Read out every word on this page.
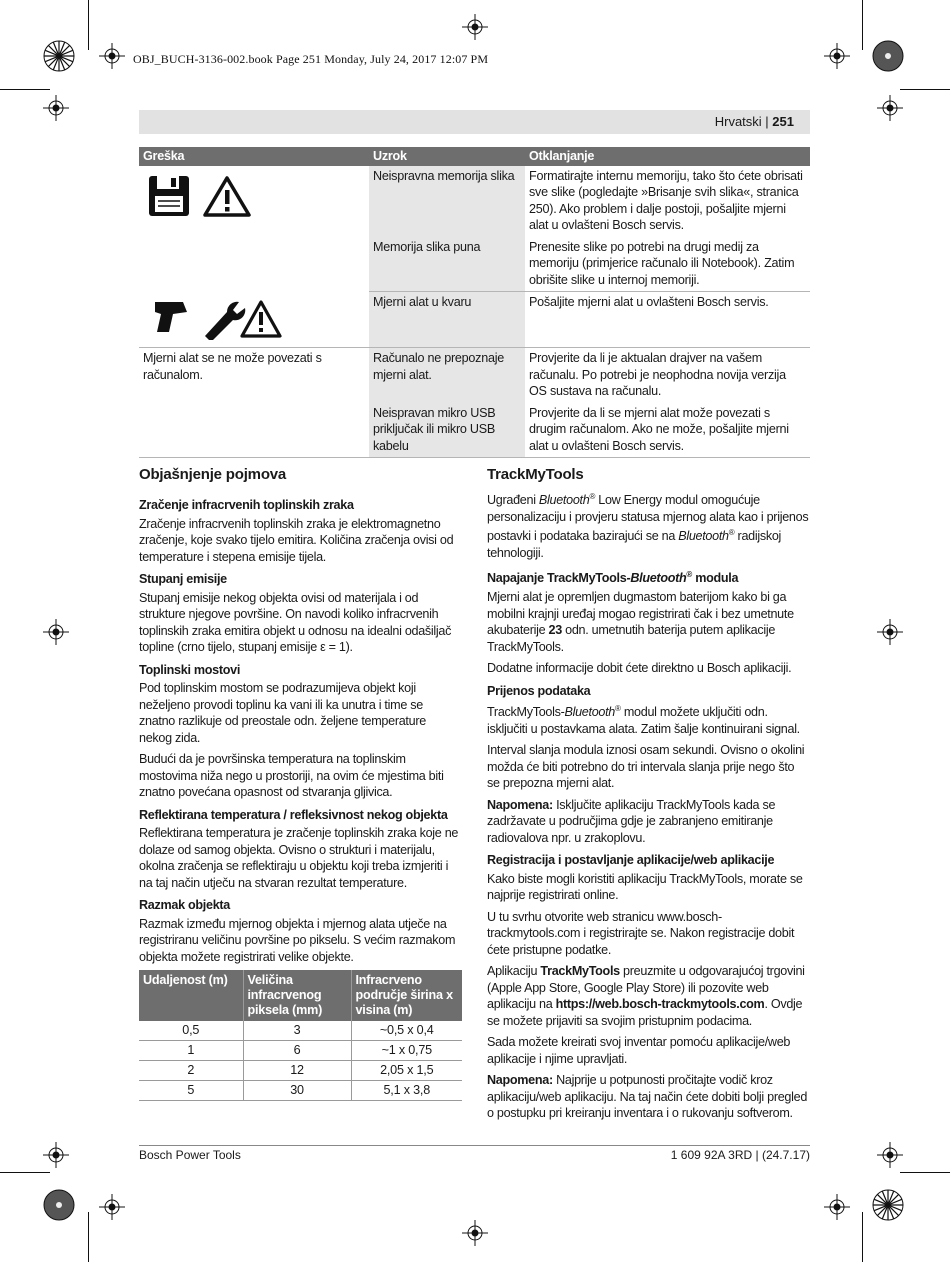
OBJ_BUCH-3136-002.book Page 251 Monday, July 24, 2017 12:07 PM
Hrvatski | 251
Greška	Uzrok	Otklanjanje
	Neispravna memorija slika	Formatirajte internu memoriju, tako što ćete obrisati sve slike (pogledajte »Brisanje svih slika«, stranica 250). Ako problem i dalje postoji, pošaljite mjerni alat u ovlašteni Bosch servis.
	Memorija slika puna	Prenesite slike po potrebi na drugi medij za memoriju (primjerice računalo ili Notebook). Zatim obrišite slike u internoj memoriji.
	Mjerni alat u kvaru	Pošaljite mjerni alat u ovlašteni Bosch servis.
Mjerni alat se ne može povezati s računalom.	Računalo ne prepoznaje mjerni alat.	Provjerite da li je aktualan drajver na vašem računalu. Po potrebi je neophodna novija verzija OS sustava na računalu.
	Neispravan mikro USB priključak ili mikro USB kabelu	Provjerite da li se mjerni alat može povezati s drugim računalom. Ako ne može, pošaljite mjerni alat u ovlašteni Bosch servis.
Objašnjenje pojmova
Zračenje infracrvenih toplinskih zraka

Zračenje infracrvenih toplinskih zraka je elektromagnetno zračenje, koje svako tijelo emitira. Količina zračenja ovisi od temperature i stepena emisije tijela.

Stupanj emisije

Stupanj emisije nekog objekta ovisi od materijala i od strukture njegove površine. On navodi koliko infracrvenih toplinskih zraka emitira objekt u odnosu na idealni odašiljač topline (crno tijelo, stupanj emisije ε = 1).

Toplinski mostovi

Pod toplinskim mostom se podrazumijeva objekt koji neželjeno provodi toplinu ka vani ili ka unutra i time se znatno razlikuje od preostale odn. željene temperature nekog zida.

Budući da je površinska temperatura na toplinskim mostovima niža nego u prostoriji, na ovim će mjestima biti znatno povećana opasnost od stvaranja gljivica.

Reflektirana temperatura / refleksivnost nekog objekta

Reflektirana temperatura je zračenje toplinskih zraka koje ne dolaze od samog objekta. Ovisno o strukturi i materijalu, okolna zračenja se reflektiraju u objektu koji treba izmjeriti i na taj način utječu na stvaran rezultat temperature.

Razmak objekta

Razmak između mjernog objekta i mjernog alata utječe na registriranu veličinu površine po pikselu. S većim razmakom objekta možete registrirati velike objekte.

Udaljenost (m)	Veličina infracrvenog piksela (mm)	Infracrveno područje širina x visina (m)
0,5	3	~0,5 x 0,4
1	6	~1 x 0,75
2	12	2,05 x 1,5
5	30	5,1 x 3,8
TrackMyTools

Ugrađeni Bluetooth® Low Energy modul omogućuje personalizaciju i provjeru statusa mjernog alata kao i prijenos postavki i podataka bazirajući se na Bluetooth® radijskoj tehnologiji.

Napajanje TrackMyTools-Bluetooth® modula

Mjerni alat je opremljen dugmastom baterijom kako bi ga mobilni krajnji uređaj mogao registrirati čak i bez umetnute akubaterije 23 odn. umetnutih baterija putem aplikacije TrackMyTools.

Dodatne informacije dobit ćete direktno u Bosch aplikaciji.

Prijenos podataka

TrackMyTools-Bluetooth® modul možete uključiti odn. isključiti u postavkama alata. Zatim šalje kontinuirani signal.

Interval slanja modula iznosi osam sekundi. Ovisno o okolini možda će biti potrebno do tri intervala slanja prije nego što se prepozna mjerni alat.

Napomena: Isključite aplikaciju TrackMyTools kada se zadržavate u područjima gdje je zabranjeno emitiranje radiovalova npr. u zrakoplovu.

Registracija i postavljanje aplikacije/web aplikacije

Kako biste mogli koristiti aplikaciju TrackMyTools, morate se najprije registrirati online.

U tu svrhu otvorite web stranicu www.bosch-trackmytools.com i registrirajte se. Nakon registracije dobit ćete pristupne podatke.

Aplikaciju TrackMyTools preuzmite u odgovarajućoj trgovini (Apple App Store, Google Play Store) ili pozovite web aplikaciju na https://web.bosch-trackmytools.com. Ovdje se možete prijaviti sa svojim pristupnim podacima.

Sada možete kreirati svoj inventar pomoću aplikacije/web aplikacije i njime upravljati.

Napomena: Najprije u potpunosti pročitajte vodič kroz aplikaciju/web aplikaciju. Na taj način ćete dobiti bolji pregled o postupku pri kreiranju inventara i o rukovanju softverom.

Bosch Power Tools	1 609 92A 3RD | (24.7.17)
